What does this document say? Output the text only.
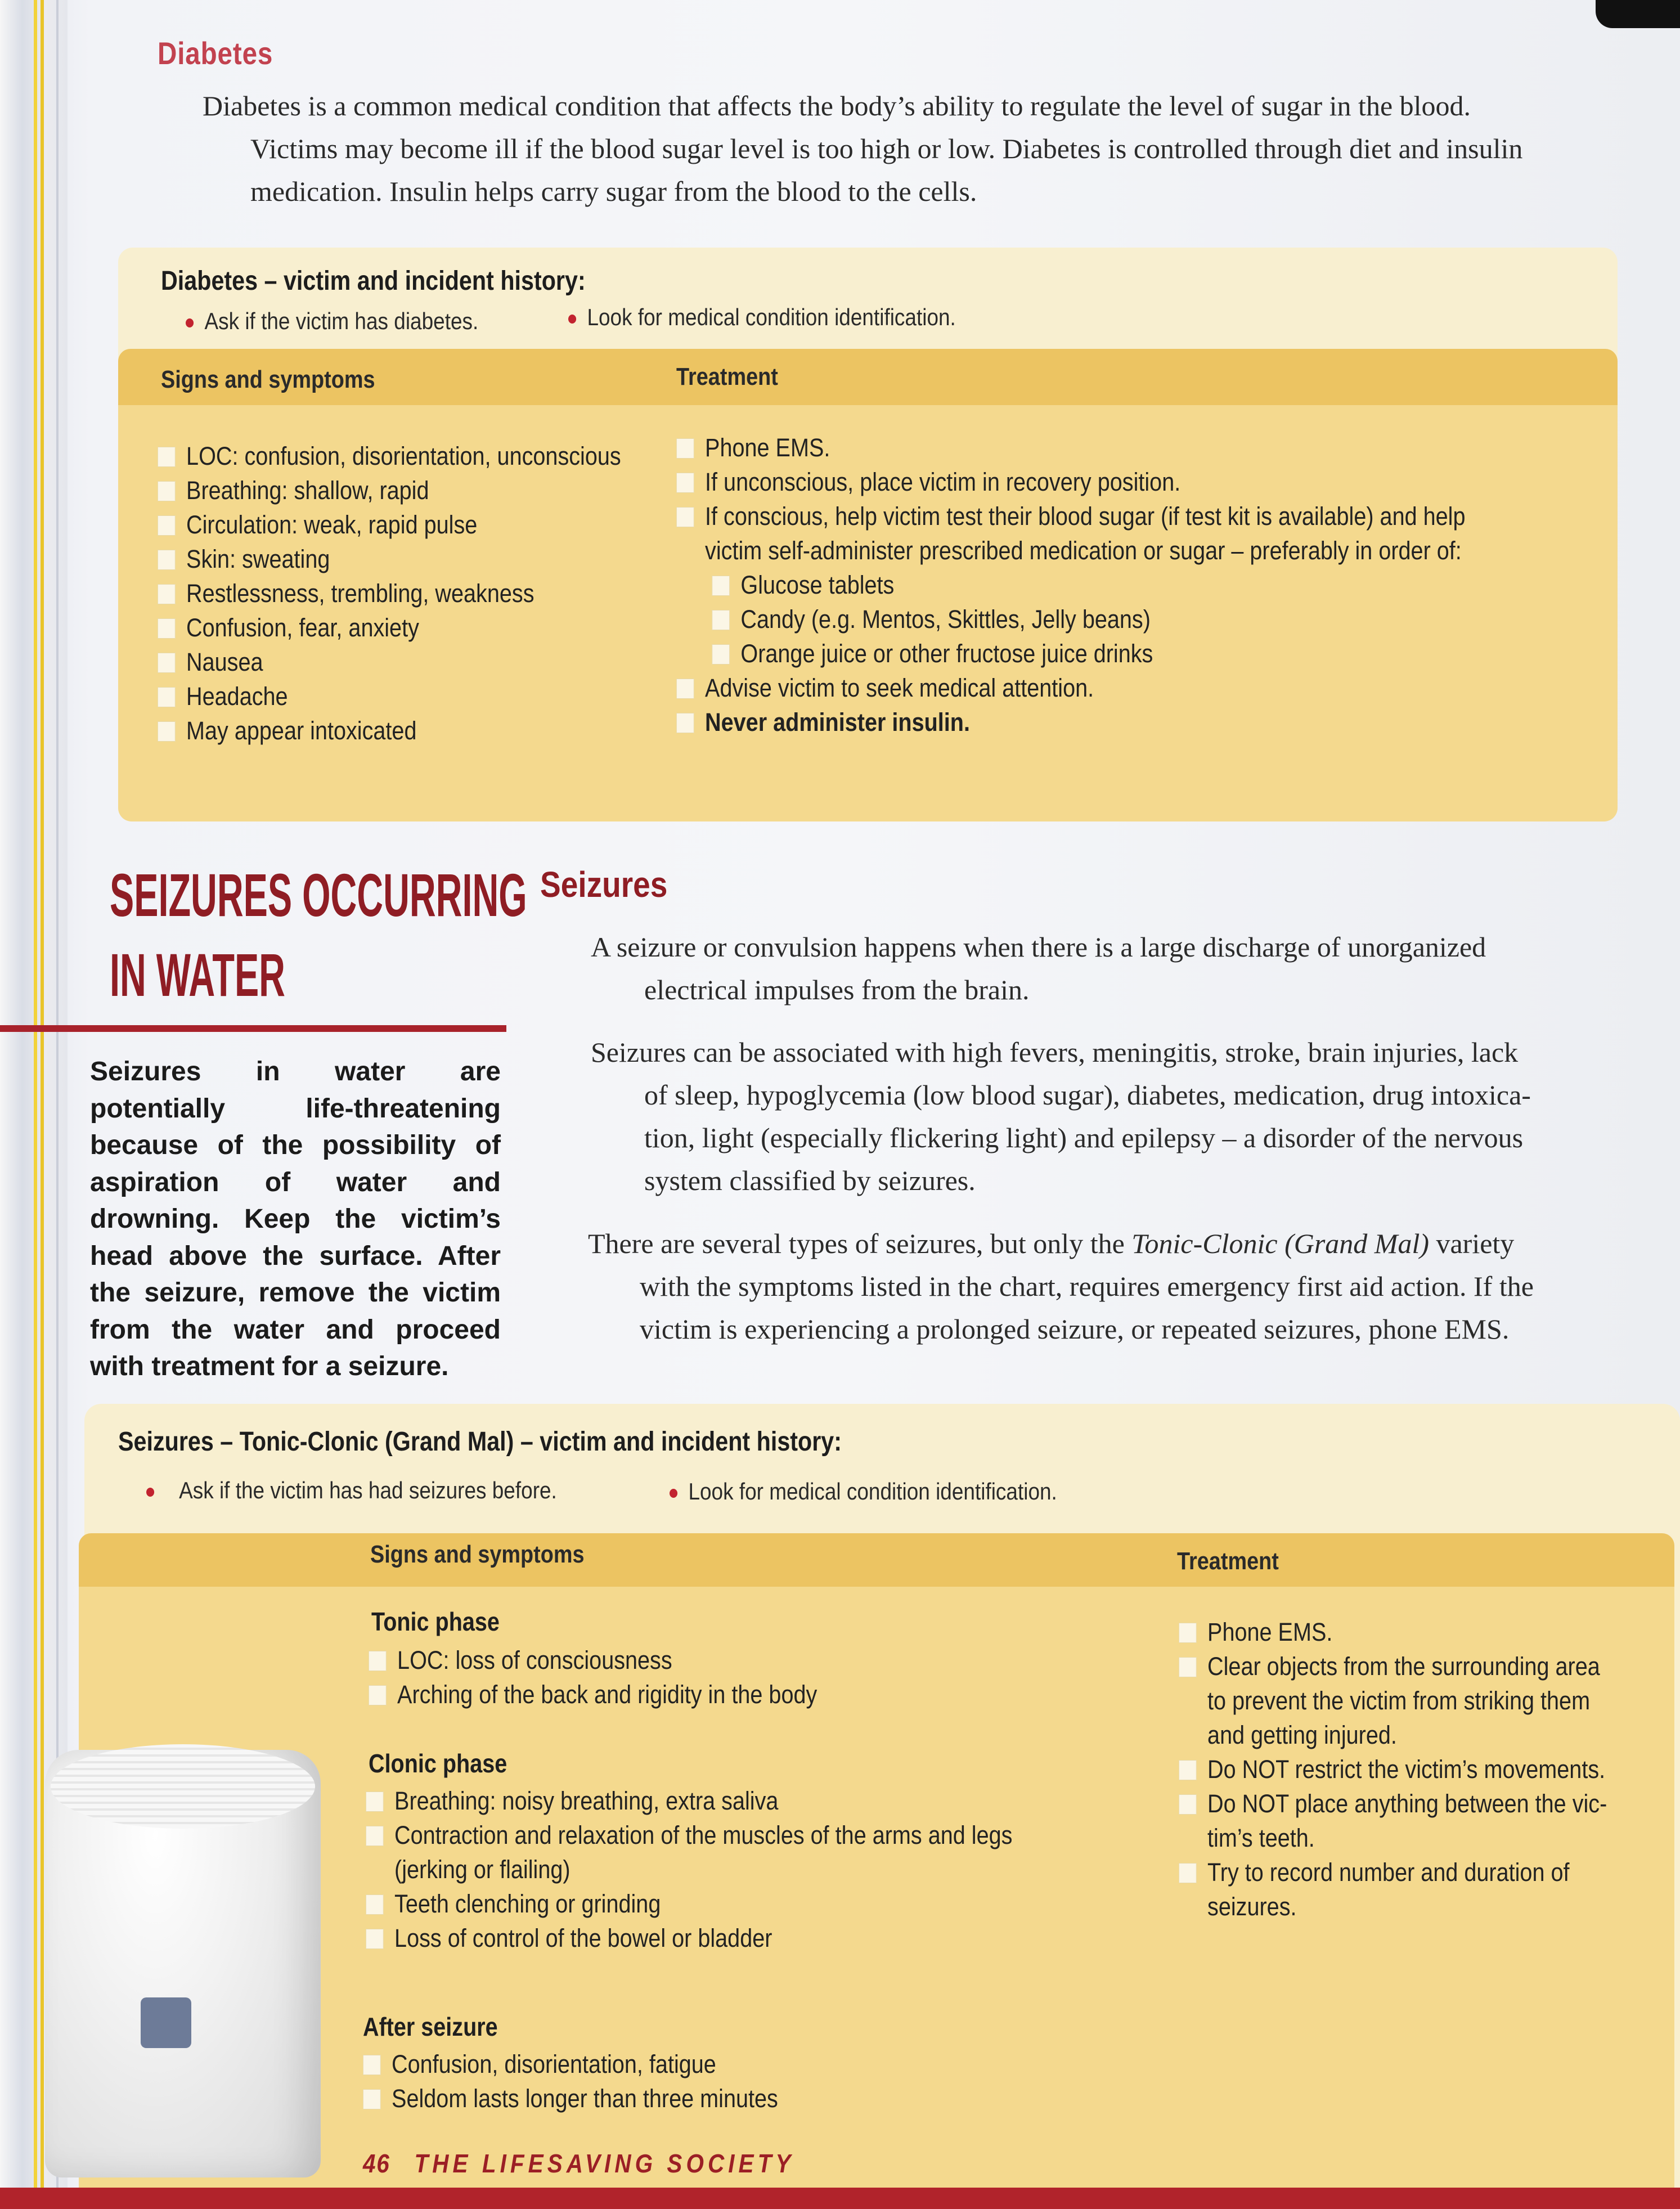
Diabetes

Diabetes is a common medical condition that affects the body’s ability to regulate the level of sugar in the blood.

Victims may become ill if the blood sugar level is too high or low. Diabetes is controlled through diet and insulin

medication. Insulin helps carry sugar from the blood to the cells.

Diabetes – victim and incident history:
Ask if the victim has diabetes.	Look for medical condition identification.
Signs and symptoms	Treatment
LOC: confusion, disorientation, unconscious
Breathing: shallow, rapid
Circulation: weak, rapid pulse
Skin: sweating
Restlessness, trembling, weakness
Confusion, fear, anxiety
Nausea
Headache
May appear intoxicated
Phone EMS.
If unconscious, place victim in recovery position.
If conscious, help victim test their blood sugar (if test kit is available) and help
victim self-administer prescribed medication or sugar – preferably in order of:
Glucose tablets
Candy (e.g. Mentos, Skittles, Jelly beans)
Orange juice or other fructose juice drinks
Advise victim to seek medical attention.
Never administer insulin.
SEIZURES OCCURRING
IN WATER
Seizures in water are potentially life-threatening because of the possibility of aspiration of water and drowning. Keep the victim’s head above the surface. After the seizure, remove the victim from the water and proceed with treatment for a seizure.
Seizures

A seizure or convulsion happens when there is a large discharge of unorganized

electrical impulses from the brain.

Seizures can be associated with high fevers, meningitis, stroke, brain injuries, lack

of sleep, hypoglycemia (low blood sugar), diabetes, medication, drug intoxica-

tion, light (especially flickering light) and epilepsy – a disorder of the nervous

system classified by seizures.

There are several types of seizures, but only the Tonic-Clonic (Grand Mal) variety

with the symptoms listed in the chart, requires emergency first aid action. If the

victim is experiencing a prolonged seizure, or repeated seizures, phone EMS.

Seizures – Tonic-Clonic (Grand Mal) – victim and incident history:
Ask if the victim has had seizures before.	Look for medical condition identification.
Signs and symptoms	Treatment
Tonic phase
LOC: loss of consciousness
Arching of the back and rigidity in the body
Clonic phase
Breathing: noisy breathing, extra saliva
Contraction and relaxation of the muscles of the arms and legs
(jerking or flailing)
Teeth clenching or grinding
Loss of control of the bowel or bladder
After seizure
Confusion, disorientation, fatigue
Seldom lasts longer than three minutes
Phone EMS.
Clear objects from the surrounding area
to prevent the victim from striking them
and getting injured.
Do NOT restrict the victim’s movements.
Do NOT place anything between the vic-
tim’s teeth.
Try to record number and duration of
seizures.
46 THE LIFESAVING SOCIETY
